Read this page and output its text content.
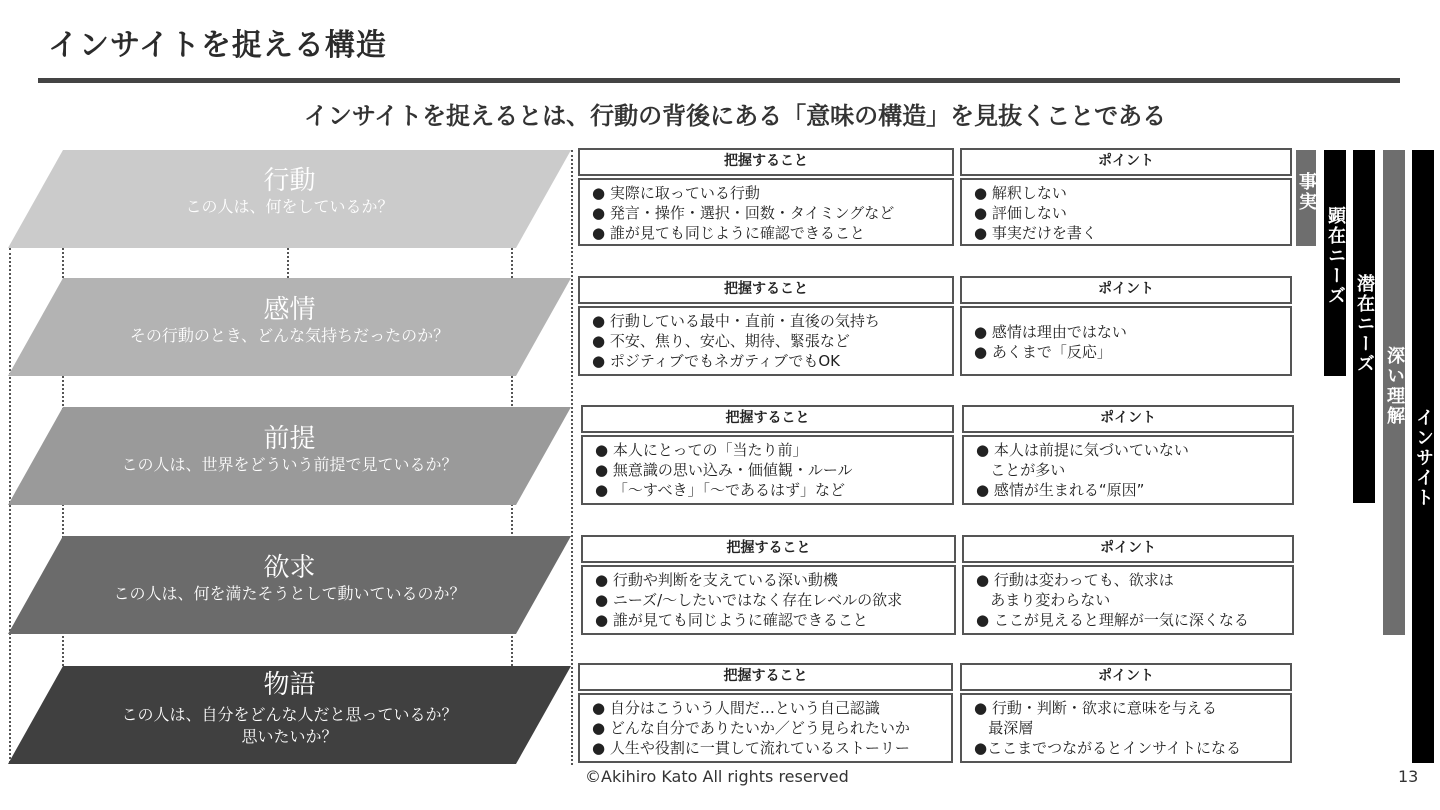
インサイトを捉える構造
インサイトを捉えるとは、行動の背後にある「意味の構造」を見抜くことである
行動
この人は、何をしているか？
把握すること
● 実際に取っている行動
● 発言・操作・選択・回数・タイミングなど
● 誰が見ても同じように確認できること
ポイント
● 解釈しない
● 評価しない
● 事実だけを書く
感情
その行動のとき、どんな気持ちだったのか？
把握すること
● 行動している最中・直前・直後の気持ち
● 不安、焦り、安心、期待、緊張など
● ポジティブでもネガティブでもOK
ポイント
● 感情は理由ではない
● あくまで「反応」
前提
この人は、世界をどういう前提で見ているか？
把握すること
● 本人にとっての「当たり前」
● 無意識の思い込み・価値観・ルール
● 「〜すべき」「〜であるはず」など
ポイント
● 本人は前提に気づいていない
ことが多い
● 感情が生まれる“原因”
欲求
この人は、何を満たそうとして動いているのか？
把握すること
● 行動や判断を支えている深い動機
● ニーズ/〜したいではなく存在レベルの欲求
● 誰が見ても同じように確認できること
ポイント
● 行動は変わっても、欲求は
あまり変わらない
● ここが見えると理解が一気に深くなる
物語
この人は、自分をどんな人だと思っているか？
思いたいか？
把握すること
● 自分はこういう人間だ…という自己認識
● どんな自分でありたいか／どう見られたいか
● 人生や役割に一貫して流れているストーリー
ポイント
● 行動・判断・欲求に意味を与える
最深層
●ここまでつながるとインサイトになる
事実
顕在ニーズ
潜在ニーズ
深い理解
インサイト
©Akihiro Kato All rights reserved	13
